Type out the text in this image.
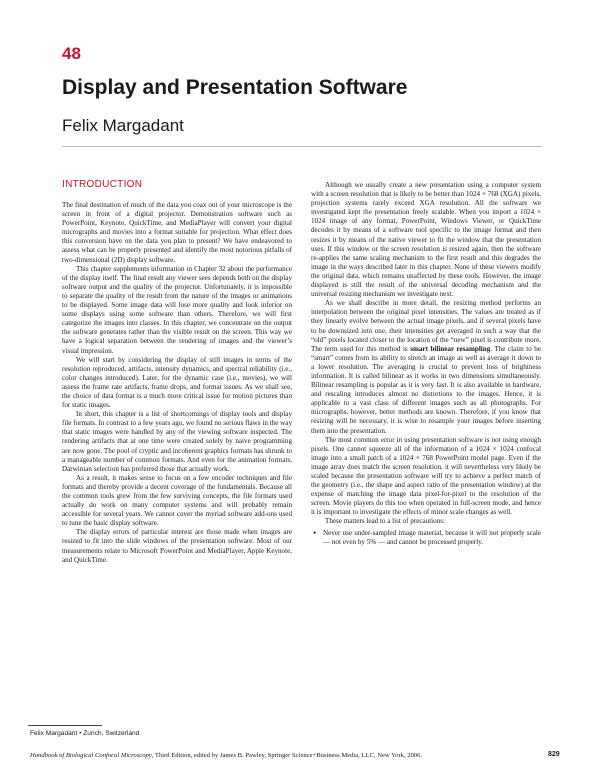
48
Display and Presentation Software
Felix Margadant
INTRODUCTION

The final destination of much of the data you coax out of your microscope is the screen in front of a digital projector. Demonstration software such as PowerPoint, Keynote, QuickTime, and MediaPlayer will convert your digital micrographs and movies into a format suitable for projection. What effect does this conversion have on the data you plan to present? We have endeavored to assess what can be properly presented and identify the most notorious pitfalls of two-dimensional (2D) display software.

This chapter supplements information in Chapter 32 about the performance of the display itself. The final result any viewer sees depends both on the display software output and the quality of the projector. Unfortunately, it is impossible to separate the quality of the result from the nature of the images or animations to be displayed. Some image data will lose more quality and look inferior on some displays using some software than others. Therefore, we will first categorize the images into classes. In this chapter, we concentrate on the output the software generates rather than the visible result on the screen. This way we have a logical separation between the rendering of images and the viewer’s visual impression.

We will start by considering the display of still images in terms of the resolution reproduced, artifacts, intensity dynamics, and spectral reliability (i.e., color changes introduced). Later, for the dynamic case (i.e., movies), we will assess the frame rate artifacts, frame drops, and format issues. As we shall see, the choice of data format is a much more critical issue for motion pictures than for static images.

In short, this chapter is a list of shortcomings of display tools and display file formats. In contrast to a few years ago, we found no serious flaws in the way that static images were handled by any of the viewing software inspected. The rendering artifacts that at one time were created solely by naive programming are now gone. The pool of cryptic and incoherent graphics formats has shrunk to a manageable number of common formats. And even for the animation formats, Darwinian selection has preferred those that actually work.

As a result, it makes sense to focus on a few encoder techniques and file formats and thereby provide a decent coverage of the fundamentals. Because all the common tools grew from the few surviving concepts, the file formats used actually do work on many computer systems and will probably remain accessible for several years. We cannot cover the myriad software add-ons used to tune the basic display software.

The display errors of particular interest are those made when images are resized to fit into the slide windows of the presentation software. Most of our measurements relate to Microsoft PowerPoint and MediaPlayer, Apple Keynote, and QuickTime.

Although we usually create a new presentation using a computer system with a screen resolution that is likely to be better than 1024 × 768 (XGA) pixels, projection systems rarely exceed XGA resolution. All the software we investigated kept the presentation freely scalable. When you import a 1024 × 1024 image of any format, PowerPoint, Windows Viewer, or QuickTime decodes it by means of a software tool specific to the image format and then resizes it by means of the native viewer to fit the window that the presentation uses. If this window or the screen resolution is resized again, then the software re-applies the same scaling mechanism to the first result and this degrades the image in the ways described later in this chapter. None of these viewers modify the original data, which remains unaffected by these tools. However, the image displayed is still the result of the universal decoding mechanism and the universal resizing mechanism we investigate next.

As we shall describe in more detail, the resizing method performs an interpolation between the original pixel intensities. The values are treated as if they linearly evolve between the actual image pixels, and if several pixels have to be downsized into one, their intensities get averaged in such a way that the “old” pixels located closer to the location of the “new” pixel is contribute more. The term used for this method is smart bilinear resampling. The claim to be “smart” comes from its ability to stretch an image as well as average it down to a lower resolution. The averaging is crucial to prevent loss of brightness information. It is called bilinear as it works in two dimensions simultaneously. Bilinear resampling is popular as it is very fast. It is also available in hardware, and rescaling introduces almost no distortions to the images. Hence, it is applicable to a vast class of different images such as all photographs. For micrographs, however, better methods are known. Therefore, if you know that resizing will be necessary, it is wise to resample your images before inserting them into the presentation.

The most common error in using presentation software is not using enough pixels. One cannot squeeze all of the information of a 1024 × 1024 confocal image into a small patch of a 1024 × 768 PowerPoint model page. Even if the image array does match the screen resolution, it will nevertheless very likely be scaled because the presentation software will try to achieve a perfect match of the geometry (i.e., the shape and aspect ratio of the presentation window) at the expense of matching the image data pixel-for-pixel to the resolution of the screen. Movie players do this too when operated in full-screen mode, and hence it is important to investigate the effects of minor scale changes as well.

These matters lead to a list of precautions:

• Never use under-sampled image material, because it will not properly scale — not even by 5% — and cannot be processed properly.
Felix Margadant • Zurich, Switzerland
Handbook of Biological Confocal Microscopy, Third Edition, edited by James B. Pawley, Springer Science+Business Media, LLC, New York, 2006.	829
